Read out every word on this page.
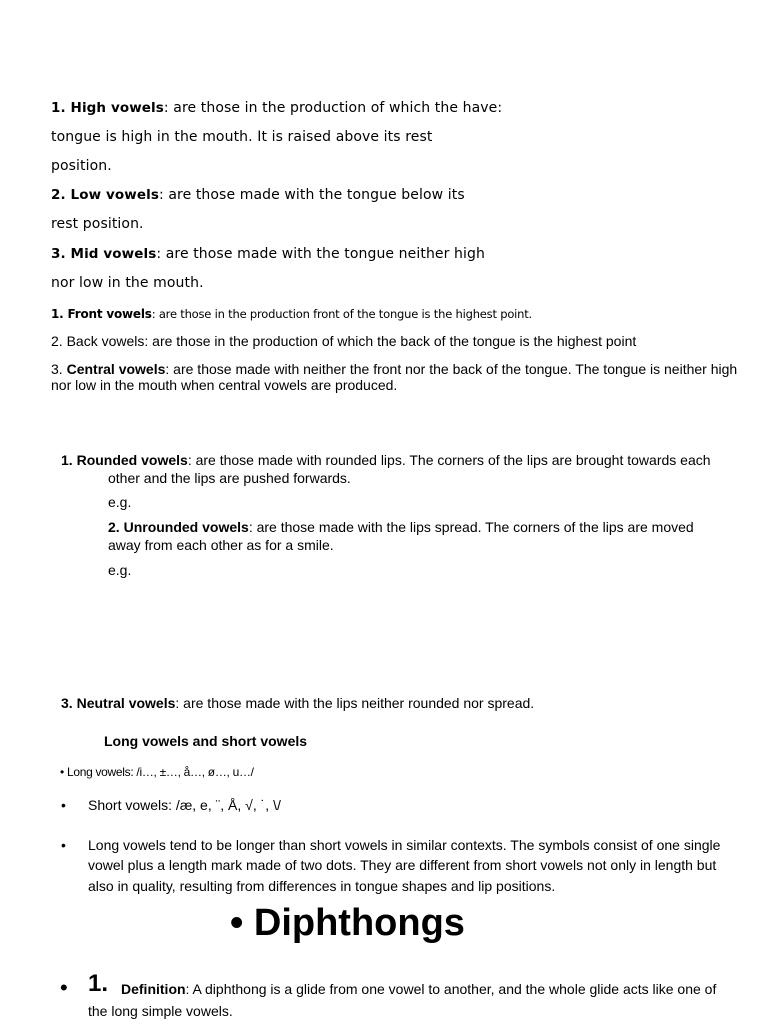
1. High vowels: are those in the production of which the have:
tongue is high in the mouth. It is raised above its rest
position.
2. Low vowels: are those made with the tongue below its
rest position.
3. Mid vowels: are those made with the tongue neither high
nor low in the mouth.
1. Front vowels: are those in the production front of the tongue is the highest point.
2. Back vowels: are those in the production of which the back of the tongue is the highest point
3. Central vowels: are those made with neither the front nor the back of the tongue. The tongue is neither high
nor low in the mouth when central vowels are produced.
1. Rounded vowels: are those made with rounded lips. The corners of the lips are brought towards each
other and the lips are pushed forwards.
e.g.
2. Unrounded vowels: are those made with the lips spread. The corners of the lips are moved
away from each other as for a smile.
e.g.
3. Neutral vowels: are those made with the lips neither rounded nor spread.
Long vowels and short vowels
• Long vowels: /i…, ±…, å…, ø…, u…/
• Short vowels: /æ, e, ¨, Å, √, ˙, \/
• Long vowels tend to be longer than short vowels in similar contexts. The symbols consist of one single
vowel plus a length mark made of two dots. They are different from short vowels not only in length but
also in quality, resulting from differences in tongue shapes and lip positions.
• Diphthongs
• 1. Definition: A diphthong is a glide from one vowel to another, and the whole glide acts like one of
the long simple vowels.
